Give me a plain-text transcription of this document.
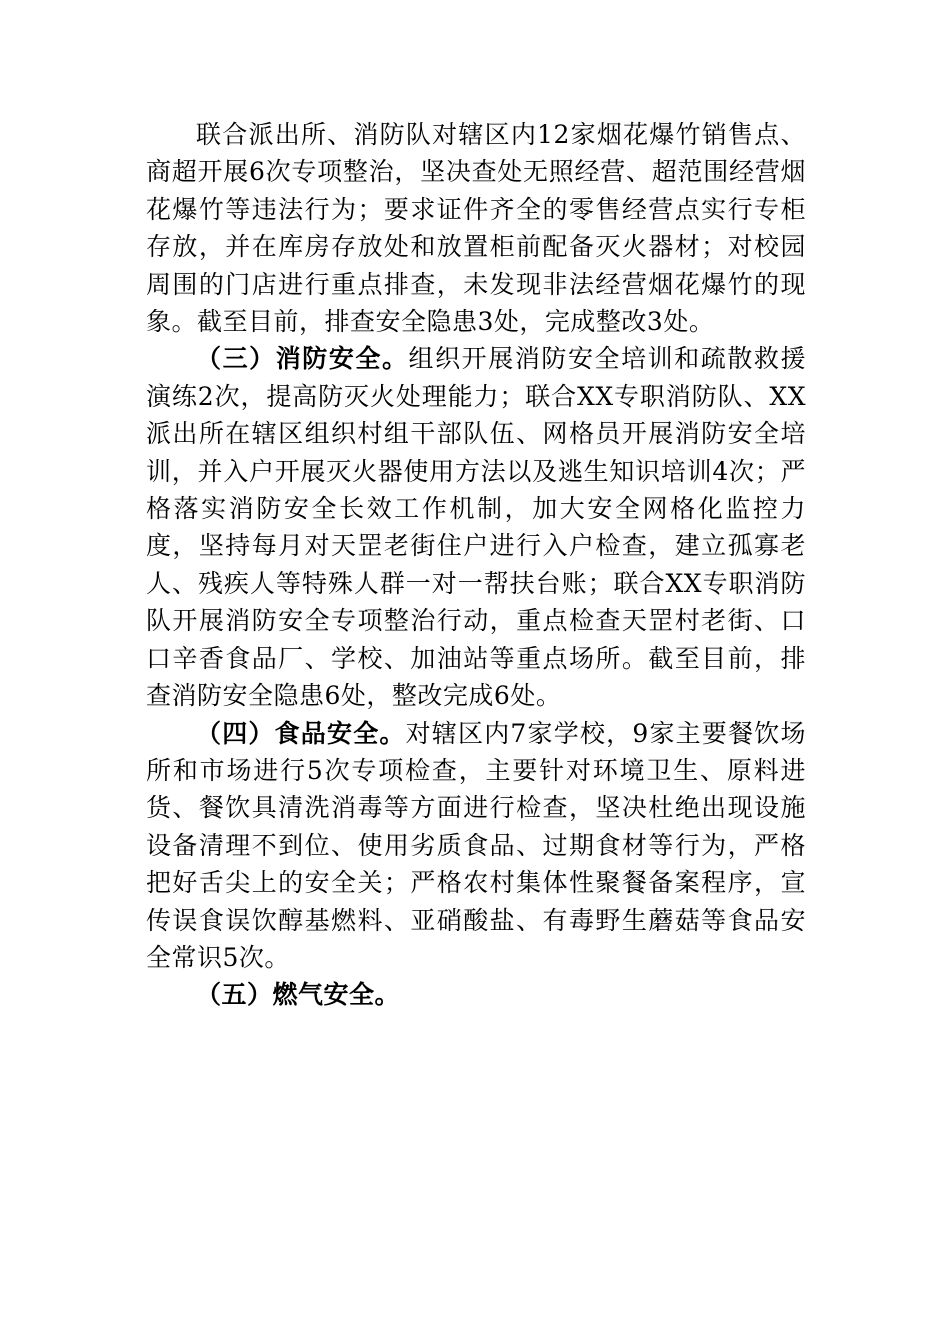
联合派出所、消防队对辖区内12家烟花爆竹销售点、商超开展6次专项整治，坚决查处无照经营、超范围经营烟花爆竹等违法行为；要求证件齐全的零售经营点实行专柜存放，并在库房存放处和放置柜前配备灭火器材；对校园周围的门店进行重点排查，未发现非法经营烟花爆竹的现象。截至目前，排查安全隐患3处，完成整改3处。

（三）消防安全。组织开展消防安全培训和疏散救援演练2次，提高防灭火处理能力；联合XX专职消防队、XX派出所在辖区组织村组干部队伍、网格员开展消防安全培训，并入户开展灭火器使用方法以及逃生知识培训4次；严格落实消防安全长效工作机制，加大安全网格化监控力度，坚持每月对天罡老街住户进行入户检查，建立孤寡老人、残疾人等特殊人群一对一帮扶台账；联合XX专职消防队开展消防安全专项整治行动，重点检查天罡村老街、口口辛香食品厂、学校、加油站等重点场所。截至目前，排查消防安全隐患6处，整改完成6处。

（四）食品安全。对辖区内7家学校，9家主要餐饮场所和市场进行5次专项检查，主要针对环境卫生、原料进货、餐饮具清洗消毒等方面进行检查，坚决杜绝出现设施设备清理不到位、使用劣质食品、过期食材等行为，严格把好舌尖上的安全关；严格农村集体性聚餐备案程序，宣传误食误饮醇基燃料、亚硝酸盐、有毒野生蘑菇等食品安全常识5次。

（五）燃气安全。
